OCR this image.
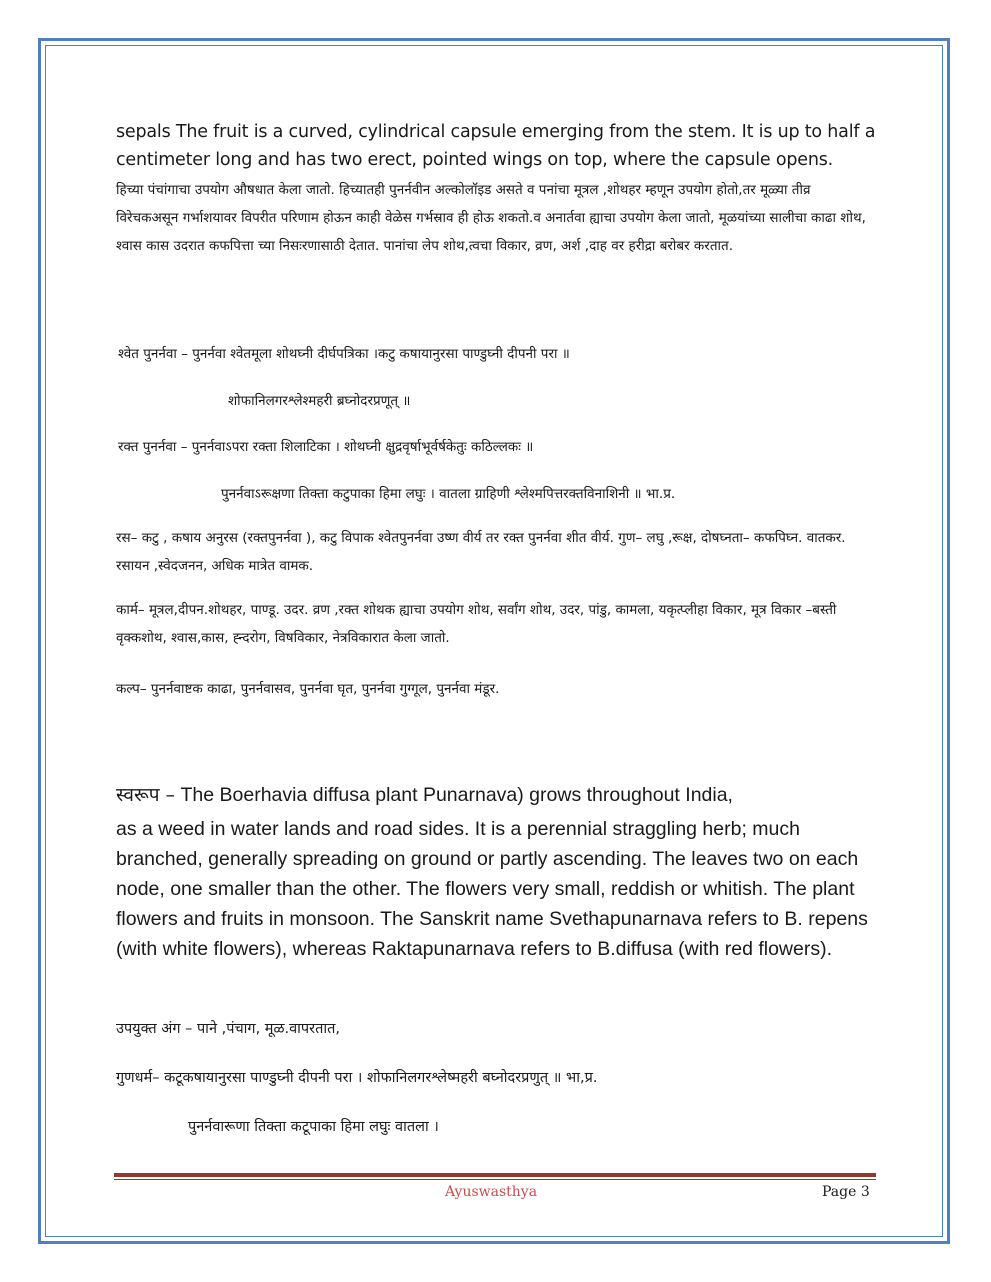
sepals The fruit is a curved, cylindrical capsule emerging from the stem. It is up to half a centimeter long and has two erect, pointed wings on top, where the capsule opens.

हिच्या पंचांगाचा उपयोग औषधात केला जातो. हिच्यातही पुनर्नवीन अल्कोलॉइड असते व पनांचा मूत्रल ,शोथहर म्हणून उपयोग होतो,तर मूळ्या तीव्र विरेचकअसून गर्भाशयावर विपरीत परिणाम होऊन काही वेळेस गर्भस्राव ही होऊ शकतो.व अनार्तवा ह्याचा उपयोग केला जातो, मूळयांच्या सालीचा काढा शोथ, श्वास कास उदरात कफपित्ता च्या निसःरणासाठी देतात. पानांचा लेप शोथ,त्वचा विकार, व्रण, अर्श ,दाह वर हरीद्रा बरोबर करतात.

श्वेत पुनर्नवा – पुनर्नवा श्वेतमूला शोथघ्नी दीर्घपत्रिका ।कटु कषायानुरसा पाण्डुघ्नी दीपनी परा ॥
शोफानिलगरश्लेश्महरी ब्रघ्नोदरप्रणूत् ॥
रक्त पुनर्नवा – पुनर्नवाऽपरा रक्ता शिलाटिका । शोथघ्नी क्षुद्रवृर्षाभूर्वर्षकेतुः कठिल्लकः ॥
पुनर्नवाऽरूक्षणा तिक्ता कटुपाका हिमा लघुः । वातला ग्राहिणी श्लेश्मपित्तरक्तविनाशिनी ॥ भा.प्र.

रस– कटु , कषाय अनुरस (रक्तपुनर्नवा ), कटु विपाक श्वेतपुनर्नवा उष्ण वीर्य तर रक्त पुनर्नवा शीत वीर्य. गुण– लघु ,रूक्ष, दोषघ्नता– कफपिघ्न. वातकर. रसायन ,स्वेदजनन, अधिक मात्रेत वामक.

कार्म– मूत्रल,दीपन.शोथहर, पाण्डू. उदर. व्रण ,रक्त शोथक ह्याचा उपयोग शोथ, सर्वांग शोथ, उदर, पांडु, कामला, यकृत्प्लीहा विकार, मूत्र विकार –बस्ती वृक्कशोथ, श्वास,कास, ह्न्दरोग, विषविकार, नेत्रविकारात केला जातो.

कल्प– पुनर्नवाष्टक काढा, पुनर्नवासव, पुनर्नवा घृत, पुनर्नवा गुग्गूल, पुनर्नवा मंडूर.

स्वरूप – The Boerhavia diffusa plant Punarnava) grows throughout India,

as a weed in water lands and road sides. It is a perennial straggling herb; much branched, generally spreading on ground or partly ascending. The leaves two on each node, one smaller than the other. The flowers very small, reddish or whitish. The plant flowers and fruits in monsoon. The Sanskrit name Svethapunarnava refers to B. repens (with white flowers), whereas Raktapunarnava refers to B.diffusa (with red flowers).

उपयुक्त अंग – पाने ,पंचाग, मूळ.वापरतात,
गुणधर्म– कटूकषायानुरसा पाण्डुघ्नी दीपनी परा । शोफानिलगरश्लेष्महरी बघ्नोदरप्रणुत् ॥ भा,प्र.
पुनर्नवारूणा तिक्ता कटूपाका हिमा लघुः वातला ।
Ayuswasthya	Page 3
